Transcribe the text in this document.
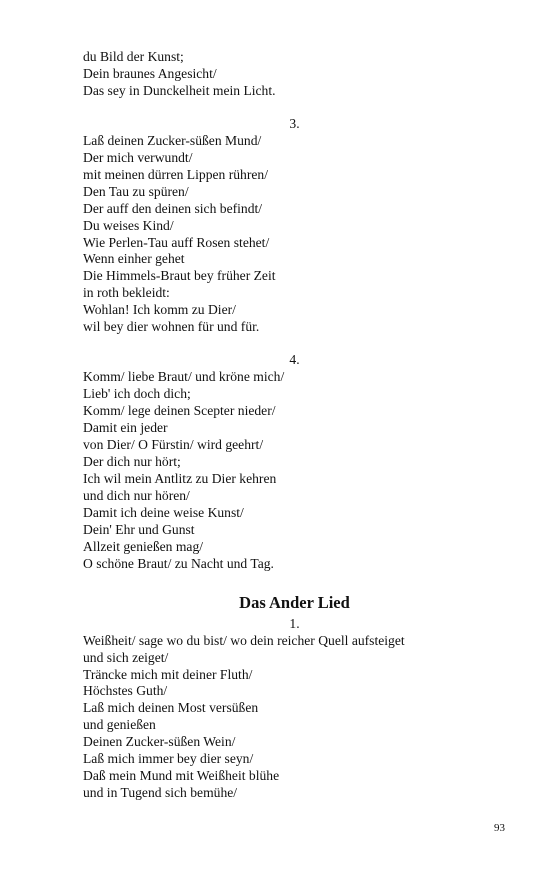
du Bild der Kunst;
Dein braunes Angesicht/
Das sey in Dunckelheit mein Licht.
3.
Laß deinen Zucker-süßen Mund/
Der mich verwundt/
mit meinen dürren Lippen rühren/
Den Tau zu spüren/
Der auff den deinen sich befindt/
Du weises Kind/
Wie Perlen-Tau auff Rosen stehet/
Wenn einher gehet
Die Himmels-Braut bey früher Zeit
in roth bekleidt:
Wohlan! Ich komm zu Dier/
wil bey dier wohnen für und für.
4.
Komm/ liebe Braut/ und kröne mich/
Lieb' ich doch dich;
Komm/ lege deinen Scepter nieder/
Damit ein jeder
von Dier/ O Fürstin/ wird geehrt/
Der dich nur hört;
Ich wil mein Antlitz zu Dier kehren
und dich nur hören/
Damit ich deine weise Kunst/
Dein' Ehr und Gunst
Allzeit genießen mag/
O schöne Braut/ zu Nacht und Tag.
Das Ander Lied
1.
Weißheit/ sage wo du bist/ wo dein reicher Quell aufsteiget
und sich zeiget/
Träncke mich mit deiner Fluth/
Höchstes Guth/
Laß mich deinen Most versüßen
und genießen
Deinen Zucker-süßen Wein/
Laß mich immer bey dier seyn/
Daß mein Mund mit Weißheit blühe
und in Tugend sich bemühe/
93
